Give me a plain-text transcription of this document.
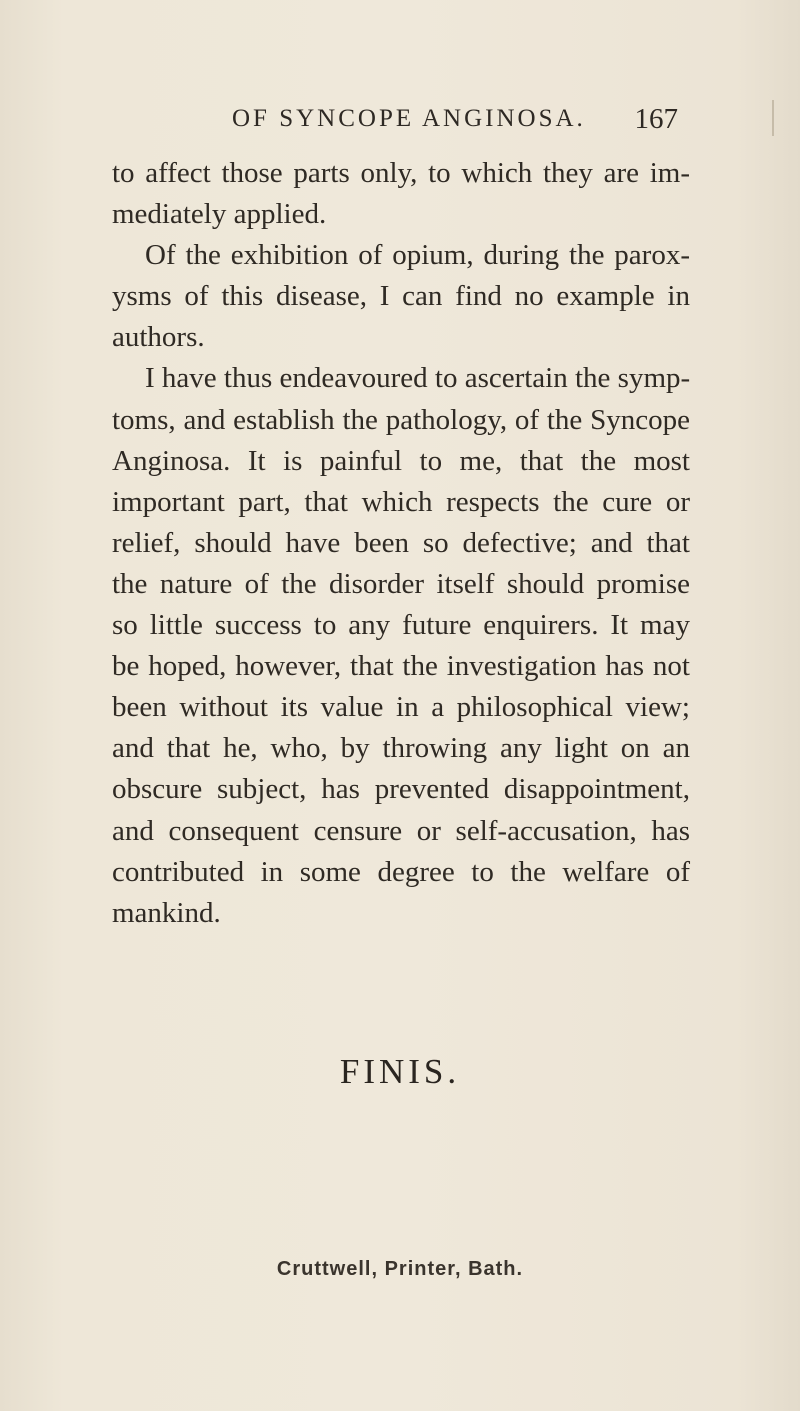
OF SYNCOPE ANGINOSA. 167
to affect those parts only, to which they are im-
mediately applied.
Of the exhibition of opium, during the parox-
ysms of this disease, I can find no example in
authors.
I have thus endeavoured to ascertain the symp-
toms, and establish the pathology, of the Syncope
Anginosa. It is painful to me, that the most
important part, that which respects the cure or
relief, should have been so defective; and that
the nature of the disorder itself should promise
so little success to any future enquirers. It may
be hoped, however, that the investigation has not
been without its value in a philosophical view;
and that he, who, by throwing any light on an
obscure subject, has prevented disappointment,
and consequent censure or self-accusation, has
contributed in some degree to the welfare of
mankind.
FINIS.
Cruttwell, Printer, Bath.
